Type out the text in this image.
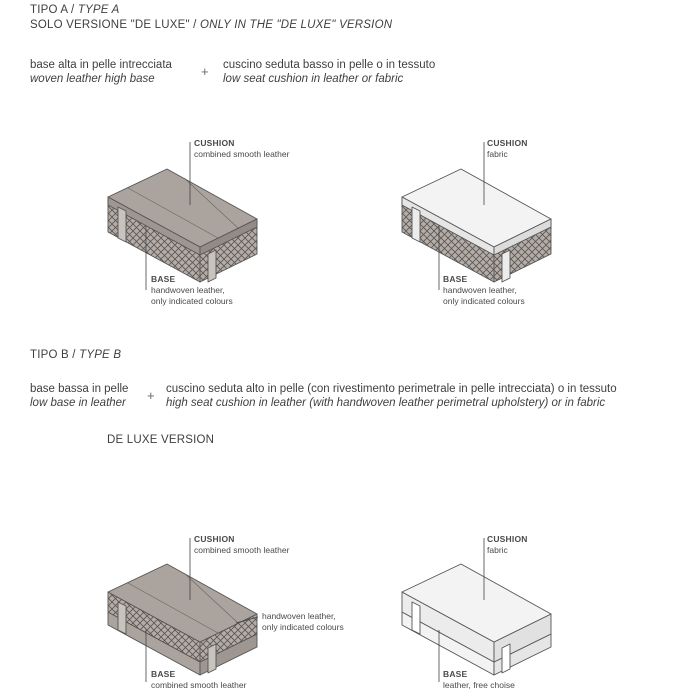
TIPO A / TYPE A
SOLO VERSIONE "DE LUXE" / ONLY IN THE "DE LUXE" VERSION
base alta in pelle intrecciata
woven leather high base	+ cuscino seduta basso in pelle o in tessuto
low seat cushion in leather or fabric
CUSHION
combined smooth leather
BASE
handwoven leather,
only indicated colours
CUSHION
fabric
BASE
handwoven leather,
only indicated colours
TIPO B / TYPE B
base bassa in pelle
low base in leather + cuscino seduta alto in pelle (con rivestimento perimetrale in pelle intrecciata) o in tessuto
high seat cushion in leather (with handwoven leather perimetral upholstery) or in fabric
DE LUXE VERSION
CUSHION
combined smooth leather
handwoven leather,
only indicated colours
BASE
combined smooth leather
CUSHION
fabric
BASE
leather, free choise
